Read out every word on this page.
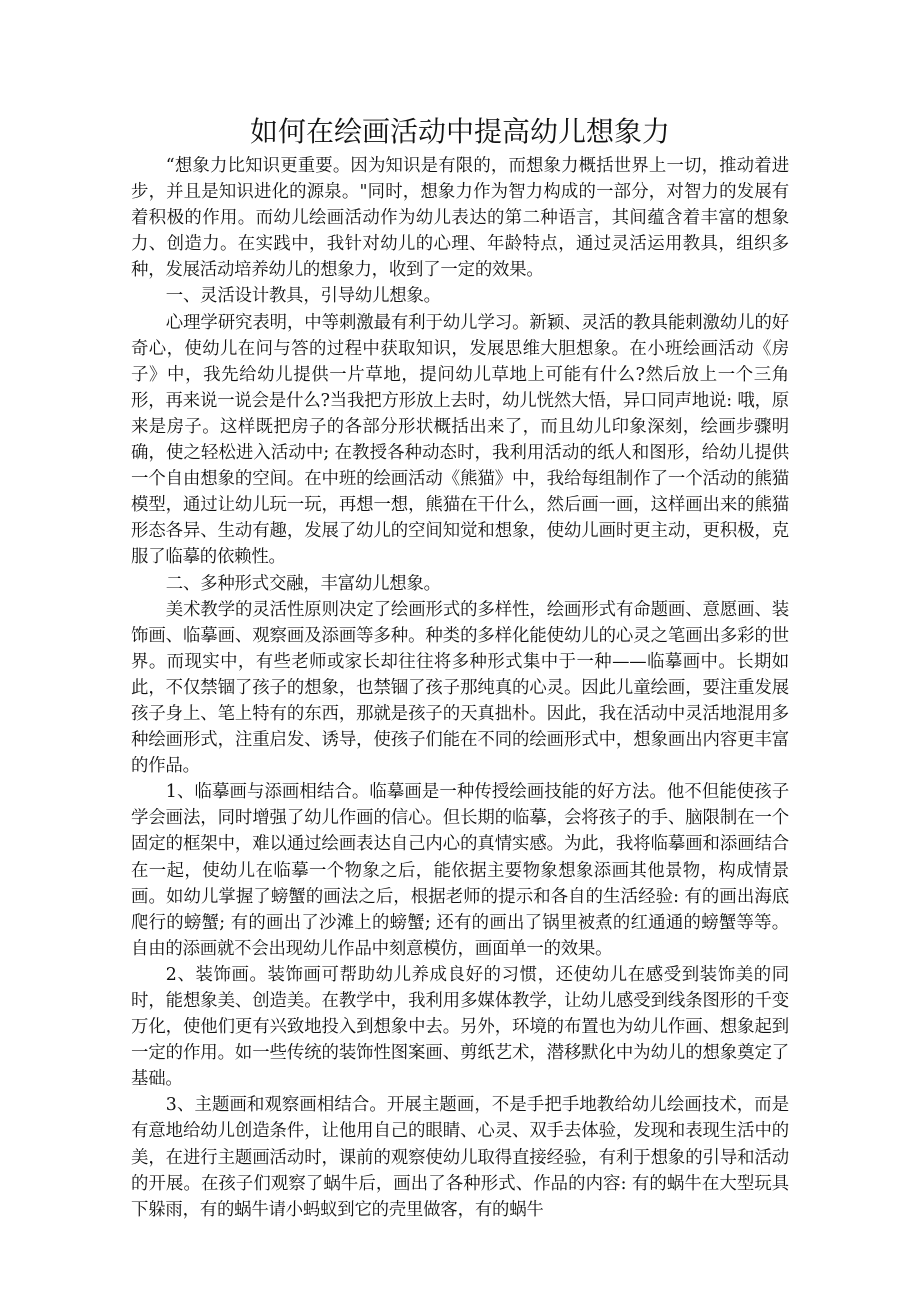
如何在绘画活动中提高幼儿想象力

“想象力比知识更重要。因为知识是有限的，而想象力概括世界上一切，推动着进步，并且是知识进化的源泉。"同时，想象力作为智力构成的一部分，对智力的发展有着积极的作用。而幼儿绘画活动作为幼儿表达的第二种语言，其间蕴含着丰富的想象力、创造力。在实践中，我针对幼儿的心理、年龄特点，通过灵活运用教具，组织多种，发展活动培养幼儿的想象力，收到了一定的效果。

一、灵活设计教具，引导幼儿想象。

心理学研究表明，中等刺激最有利于幼儿学习。新颖、灵活的教具能刺激幼儿的好奇心，使幼儿在问与答的过程中获取知识，发展思维大胆想象。在小班绘画活动《房子》中，我先给幼儿提供一片草地，提问幼儿草地上可能有什么?然后放上一个三角形，再来说一说会是什么?当我把方形放上去时，幼儿恍然大悟，异口同声地说: 哦，原来是房子。这样既把房子的各部分形状概括出来了，而且幼儿印象深刻，绘画步骤明确，使之轻松进入活动中; 在教授各种动态时，我利用活动的纸人和图形，给幼儿提供一个自由想象的空间。在中班的绘画活动《熊猫》中，我给每组制作了一个活动的熊猫模型，通过让幼儿玩一玩，再想一想，熊猫在干什么，然后画一画，这样画出来的熊猫形态各异、生动有趣，发展了幼儿的空间知觉和想象，使幼儿画时更主动，更积极，克服了临摹的依赖性。

二、多种形式交融，丰富幼儿想象。

美术教学的灵活性原则决定了绘画形式的多样性，绘画形式有命题画、意愿画、装饰画、临摹画、观察画及添画等多种。种类的多样化能使幼儿的心灵之笔画出多彩的世界。而现实中，有些老师或家长却往往将多种形式集中于一种——临摹画中。长期如此，不仅禁锢了孩子的想象，也禁锢了孩子那纯真的心灵。因此儿童绘画，要注重发展孩子身上、笔上特有的东西，那就是孩子的天真拙朴。因此，我在活动中灵活地混用多种绘画形式，注重启发、诱导，使孩子们能在不同的绘画形式中，想象画出内容更丰富的作品。

1、临摹画与添画相结合。临摹画是一种传授绘画技能的好方法。他不但能使孩子学会画法，同时增强了幼儿作画的信心。但长期的临摹，会将孩子的手、脑限制在一个固定的框架中，难以通过绘画表达自己内心的真情实感。为此，我将临摹画和添画结合在一起，使幼儿在临摹一个物象之后，能依据主要物象想象添画其他景物，构成情景画。如幼儿掌握了螃蟹的画法之后，根据老师的提示和各自的生活经验: 有的画出海底爬行的螃蟹; 有的画出了沙滩上的螃蟹; 还有的画出了锅里被煮的红通通的螃蟹等等。自由的添画就不会出现幼儿作品中刻意模仿，画面单一的效果。

2、装饰画。装饰画可帮助幼儿养成良好的习惯，还使幼儿在感受到装饰美的同时，能想象美、创造美。在教学中，我利用多媒体教学，让幼儿感受到线条图形的千变万化，使他们更有兴致地投入到想象中去。另外，环境的布置也为幼儿作画、想象起到一定的作用。如一些传统的装饰性图案画、剪纸艺术，潜移默化中为幼儿的想象奠定了基础。

3、主题画和观察画相结合。开展主题画，不是手把手地教给幼儿绘画技术，而是有意地给幼儿创造条件，让他用自己的眼睛、心灵、双手去体验，发现和表现生活中的美，在进行主题画活动时，课前的观察使幼儿取得直接经验，有利于想象的引导和活动的开展。在孩子们观察了蜗牛后，画出了各种形式、作品的内容: 有的蜗牛在大型玩具下躲雨，有的蜗牛请小蚂蚁到它的壳里做客，有的蜗牛
